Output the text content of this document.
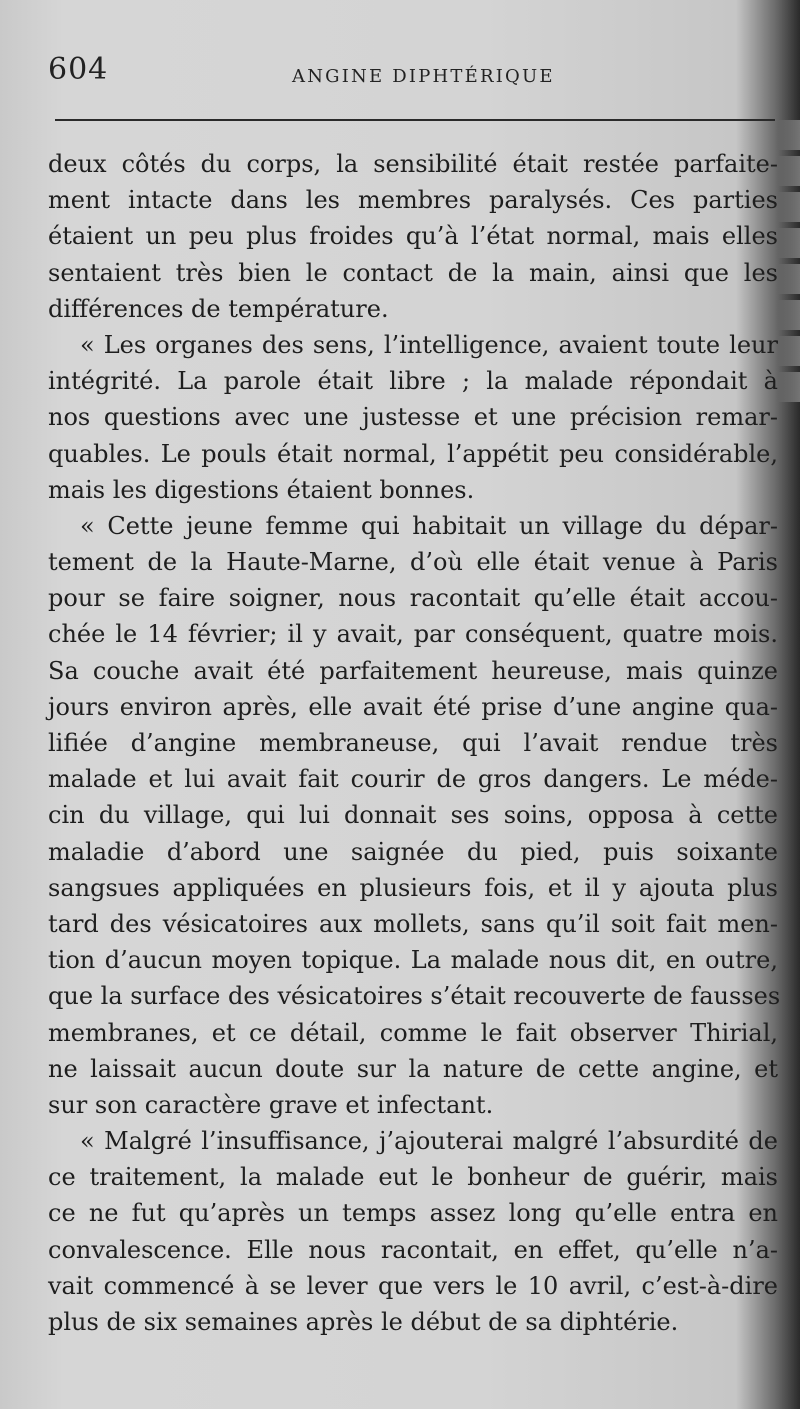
604	ANGINE DIPHTÉRIQUE
deux côtés du corps, la sensibilité était restée parfaite-
ment intacte dans les membres paralysés. Ces parties
étaient un peu plus froides qu’à l’état normal, mais elles
sentaient très bien le contact de la main, ainsi que les
différences de température.
« Les organes des sens, l’intelligence, avaient toute leur
intégrité. La parole était libre ; la malade répondait à
nos questions avec une justesse et une précision remar-
quables. Le pouls était normal, l’appétit peu considérable,
mais les digestions étaient bonnes.
« Cette jeune femme qui habitait un village du dépar-
tement de la Haute-Marne, d’où elle était venue à Paris
pour se faire soigner, nous racontait qu’elle était accou-
chée le 14 février; il y avait, par conséquent, quatre mois.
Sa couche avait été parfaitement heureuse, mais quinze
jours environ après, elle avait été prise d’une angine qua-
lifiée d’angine membraneuse, qui l’avait rendue très
malade et lui avait fait courir de gros dangers. Le méde-
cin du village, qui lui donnait ses soins, opposa à cette
maladie d’abord une saignée du pied, puis soixante
sangsues appliquées en plusieurs fois, et il y ajouta plus
tard des vésicatoires aux mollets, sans qu’il soit fait men-
tion d’aucun moyen topique. La malade nous dit, en outre,
que la surface des vésicatoires s’était recouverte de fausses
membranes, et ce détail, comme le fait observer Thirial,
ne laissait aucun doute sur la nature de cette angine, et
sur son caractère grave et infectant.
« Malgré l’insuffisance, j’ajouterai malgré l’absurdité de
ce traitement, la malade eut le bonheur de guérir, mais
ce ne fut qu’après un temps assez long qu’elle entra en
convalescence. Elle nous racontait, en effet, qu’elle n’a-
vait commencé à se lever que vers le 10 avril, c’est-à-dire
plus de six semaines après le début de sa diphtérie.
